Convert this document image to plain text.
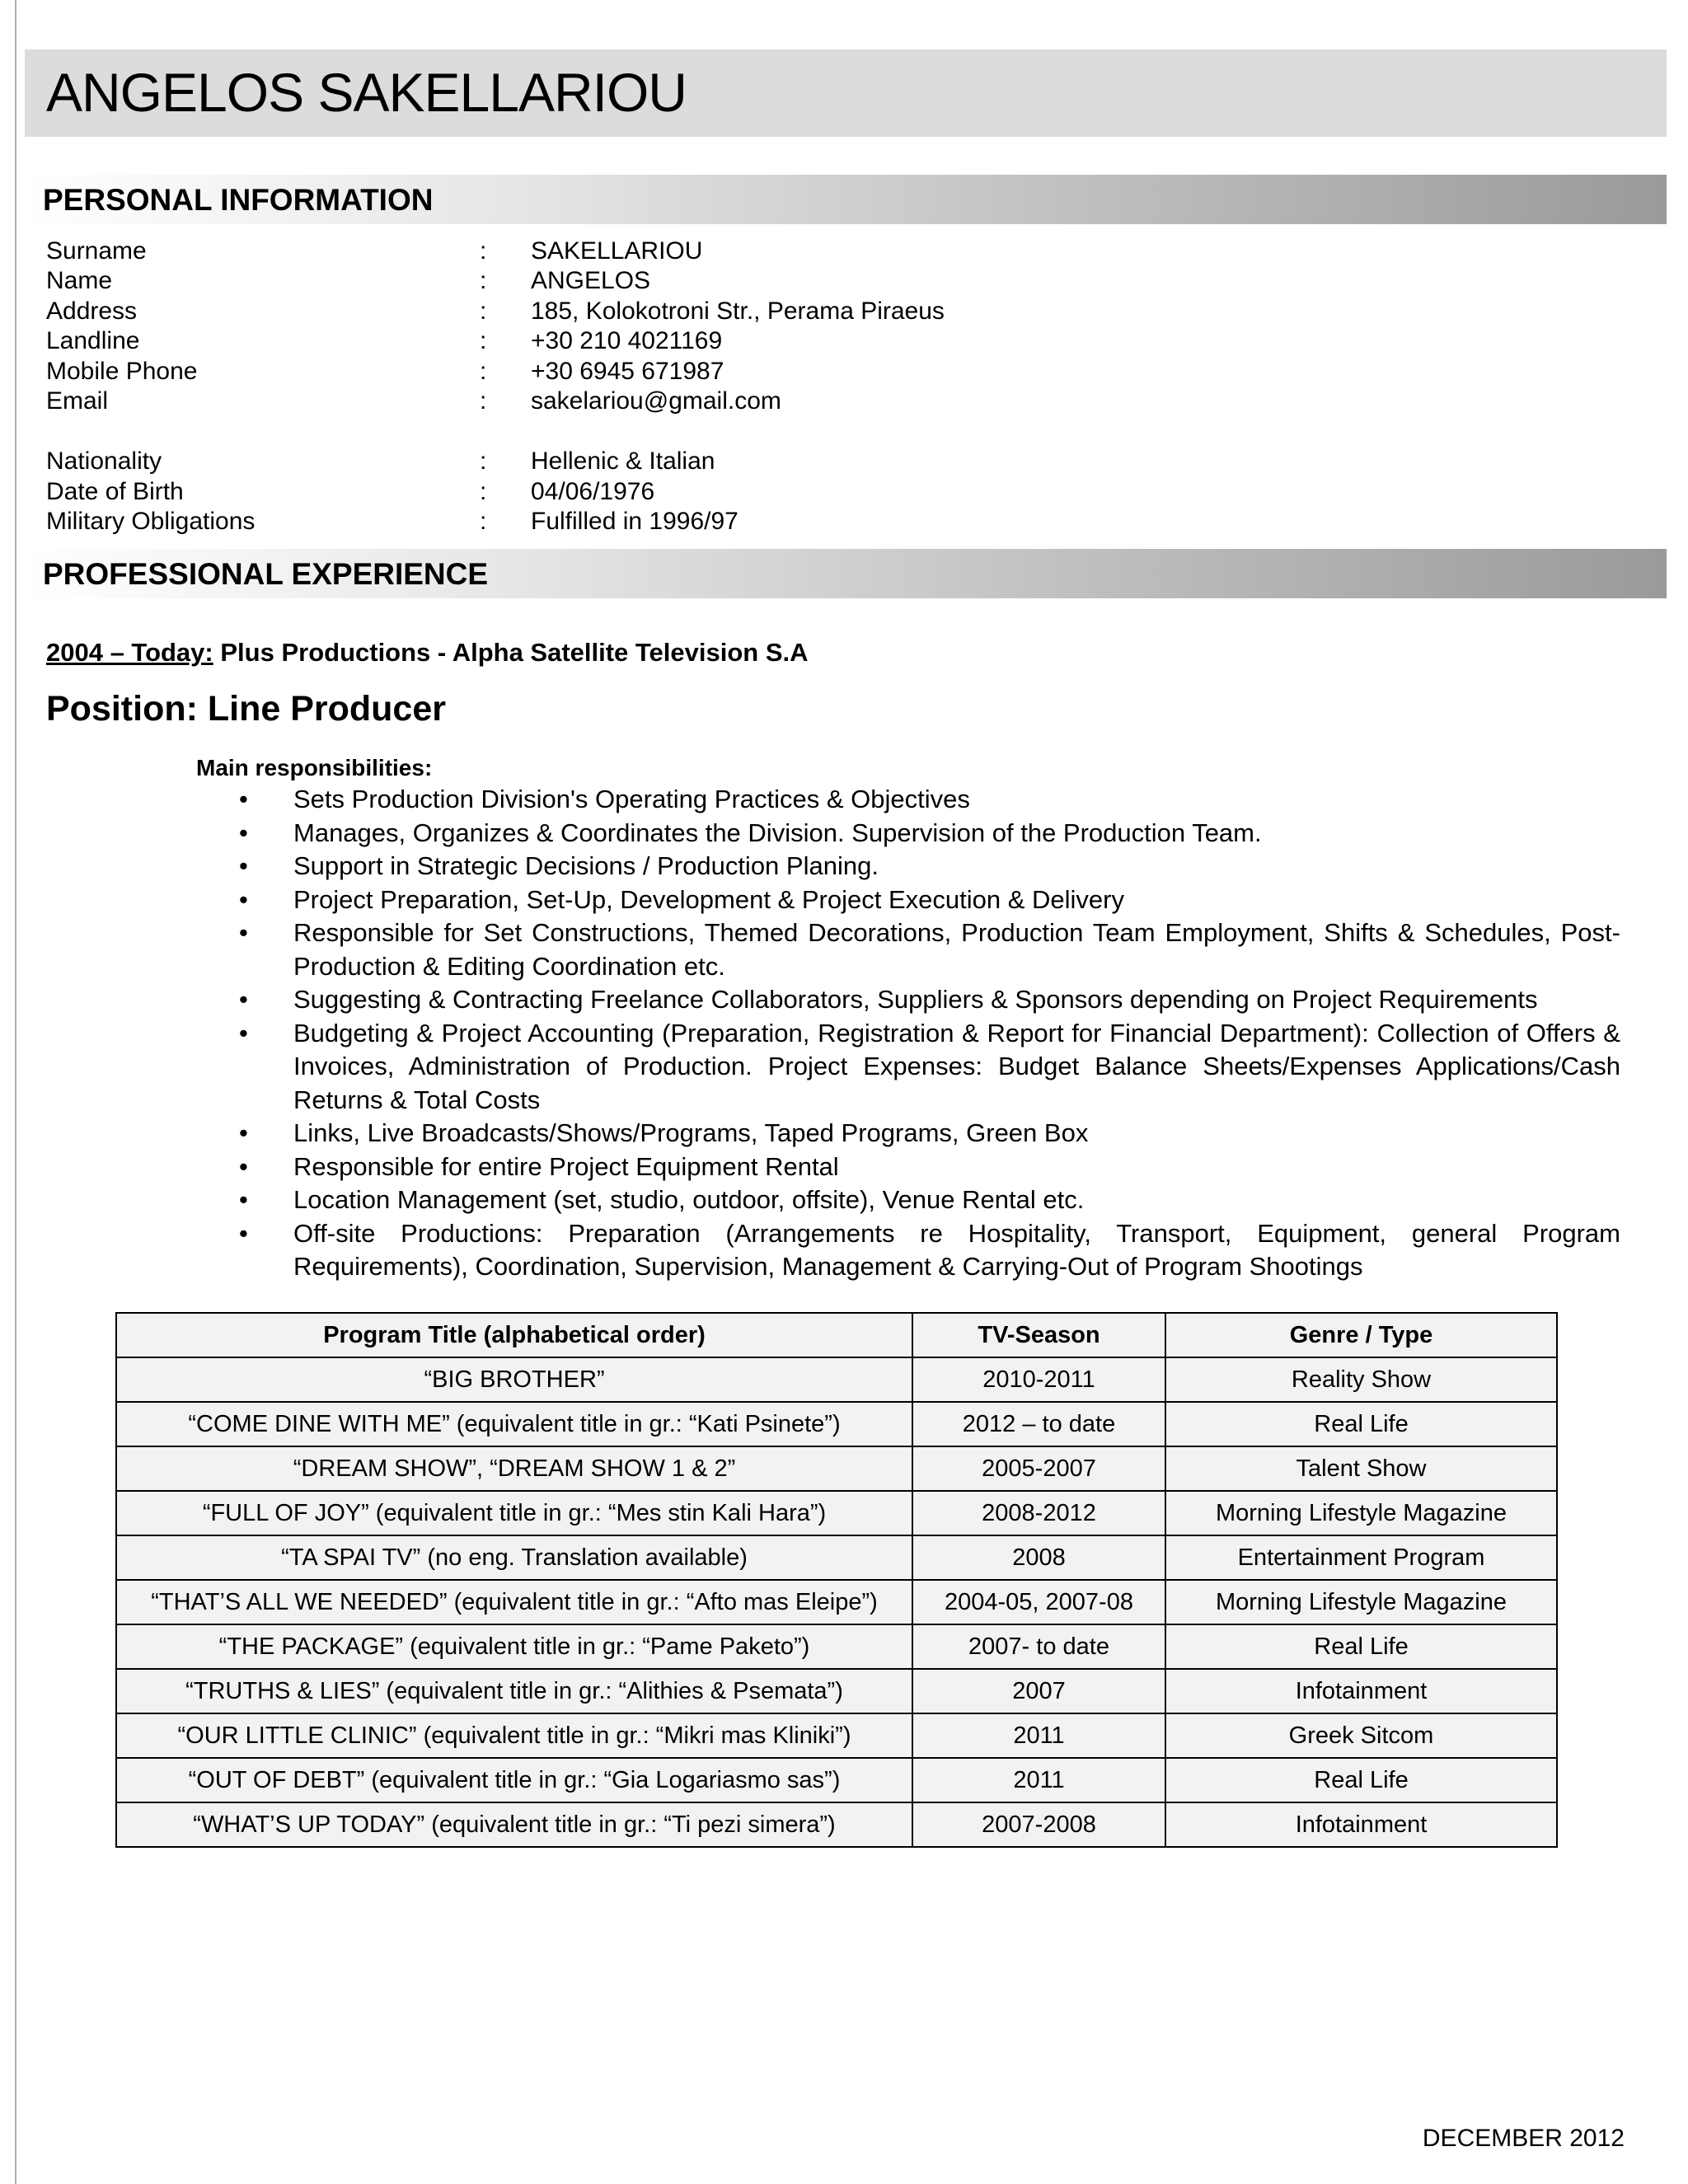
ANGELOS SAKELLARIOU
PERSONAL INFORMATION
Surname	: SAKELLARIOU
Name	: ANGELOS
Address	: 185, Kolokotroni Str., Perama Piraeus
Landline	: +30 210 4021169
Mobile Phone	: +30 6945 671987
Email	: sakelariou@gmail.com
Nationality	: Hellenic & Italian
Date of Birth	: 04/06/1976
Military Obligations	: Fulfilled in 1996/97
PROFESSIONAL EXPERIENCE
2004 – Today: Plus Productions - Alpha Satellite Television S.A
Position: Line Producer
Main responsibilities:
• Sets Production Division's Operating Practices & Objectives
• Manages, Organizes & Coordinates the Division. Supervision of the Production Team.
• Support in Strategic Decisions / Production Planing.
• Project Preparation, Set-Up, Development & Project Execution & Delivery
• Responsible for Set Constructions, Themed Decorations, Production Team Employment, Shifts & Schedules, Post-Production & Editing Coordination etc.
• Suggesting & Contracting Freelance Collaborators, Suppliers & Sponsors depending on Project Requirements
• Budgeting & Project Accounting (Preparation, Registration & Report for Financial Department): Collection of Offers & Invoices, Administration of Production. Project Expenses: Budget Balance Sheets/Expenses Applications/Cash Returns & Total Costs
• Links, Live Broadcasts/Shows/Programs, Taped Programs, Green Box
• Responsible for entire Project Equipment Rental
• Location Management (set, studio, outdoor, offsite), Venue Rental etc.
• Off-site Productions: Preparation (Arrangements re Hospitality, Transport, Equipment, general Program Requirements), Coordination, Supervision, Management & Carrying-Out of Program Shootings
Program Title (alphabetical order)	TV-Season	Genre / Type
“BIG BROTHER”	2010-2011	Reality Show
“COME DINE WITH ME” (equivalent title in gr.: “Kati Psinete”)	2012 – to date	Real Life
“DREAM SHOW”, “DREAM SHOW 1 & 2”	2005-2007	Talent Show
“FULL OF JOY” (equivalent title in gr.: “Mes stin Kali Hara”)	2008-2012	Morning Lifestyle Magazine
“TA SPAI TV” (no eng. Translation available)	2008	Entertainment Program
“THAT’S ALL WE NEEDED” (equivalent title in gr.: “Afto mas Eleipe”)	2004-05, 2007-08	Morning Lifestyle Magazine
“THE PACKAGE” (equivalent title in gr.: “Pame Paketo”)	2007- to date	Real Life
“TRUTHS & LIES” (equivalent title in gr.: “Alithies & Psemata”)	2007	Infotainment
“OUR LITTLE CLINIC” (equivalent title in gr.: “Mikri mas Kliniki”)	2011	Greek Sitcom
“OUT OF DEBT” (equivalent title in gr.: “Gia Logariasmo sas”)	2011	Real Life
“WHAT’S UP TODAY” (equivalent title in gr.: “Ti pezi simera”)	2007-2008	Infotainment
DECEMBER 2012
